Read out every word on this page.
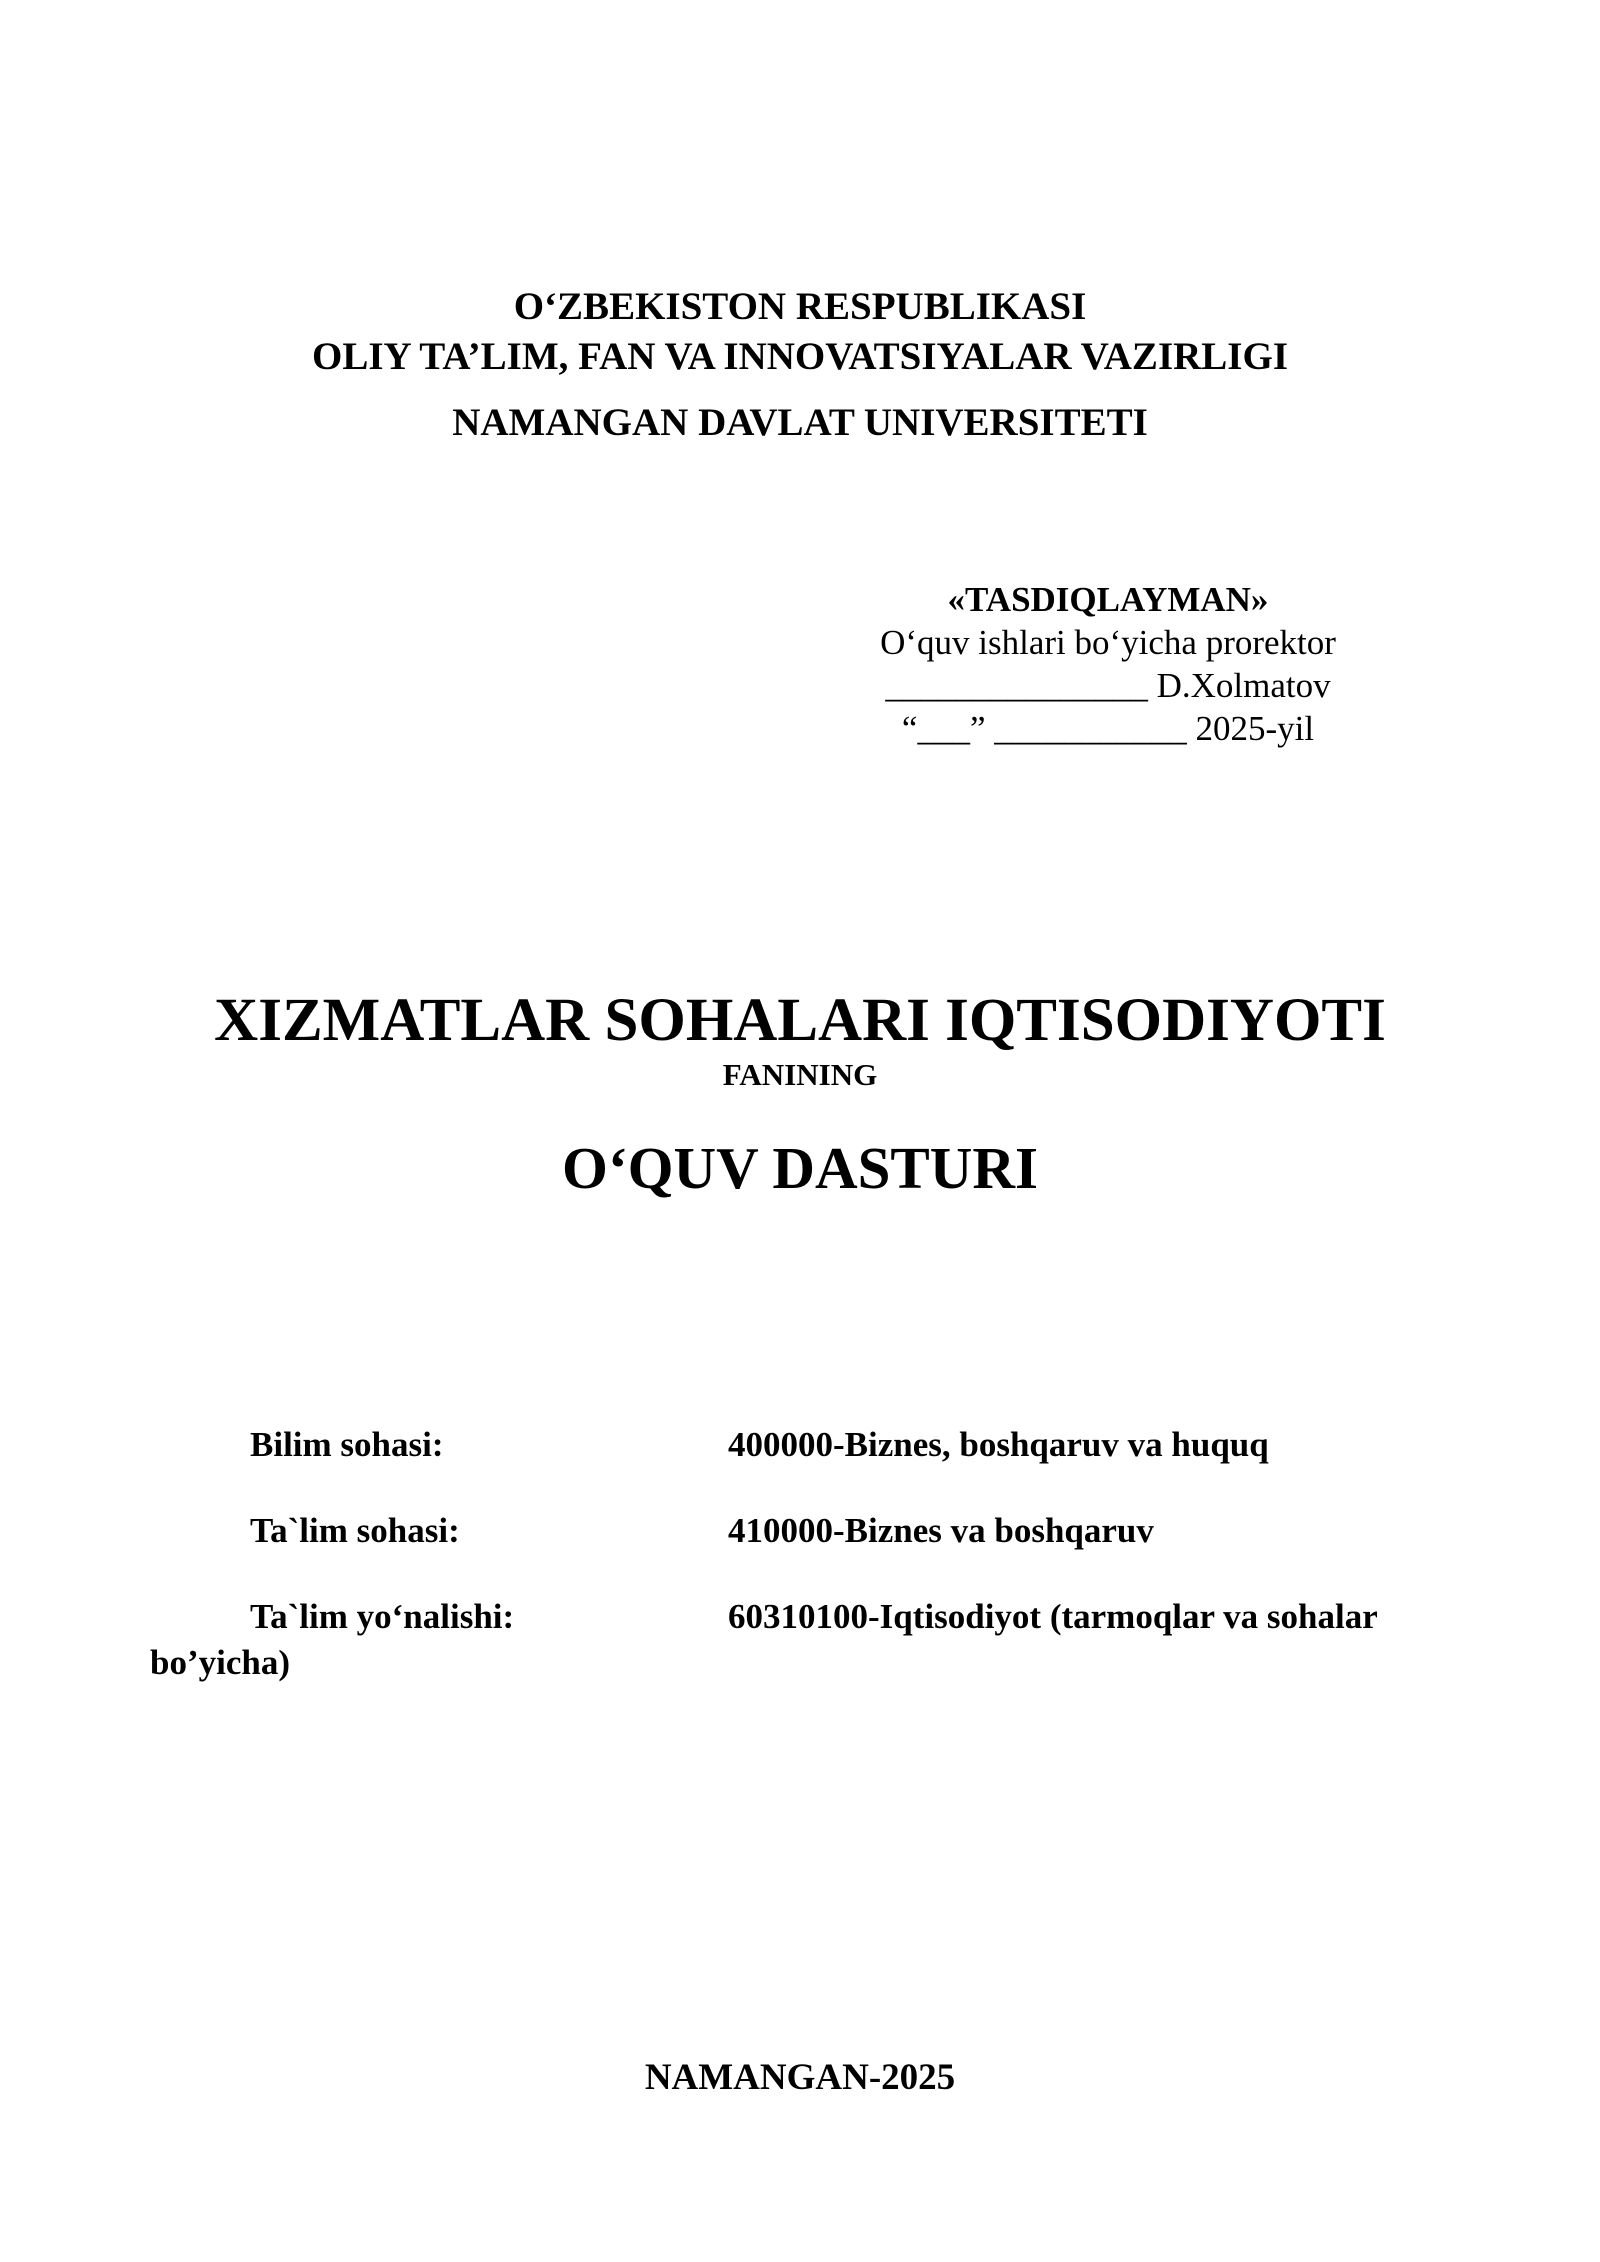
O‘ZBEKISTON RESPUBLIKASI
OLIY TA’LIM, FAN VA INNOVATSIYALAR VAZIRLIGI
NAMANGAN DAVLAT UNIVERSITETI
«TASDIQLAYMAN»
O‘quv ishlari bo‘yicha prorektor
_______________ D.Xolmatov
“___” ___________ 2025-yil
XIZMATLAR SOHALARI IQTISODIYOTI
FANINING
O‘QUV DASTURI
Bilim sohasi:	400000-Biznes, boshqaruv va huquq
Ta`lim sohasi:	410000-Biznes va boshqaruv
Ta`lim yo‘nalishi:	60310100-Iqtisodiyot (tarmoqlar va sohalar
bo’yicha)
NAMANGAN-2025
